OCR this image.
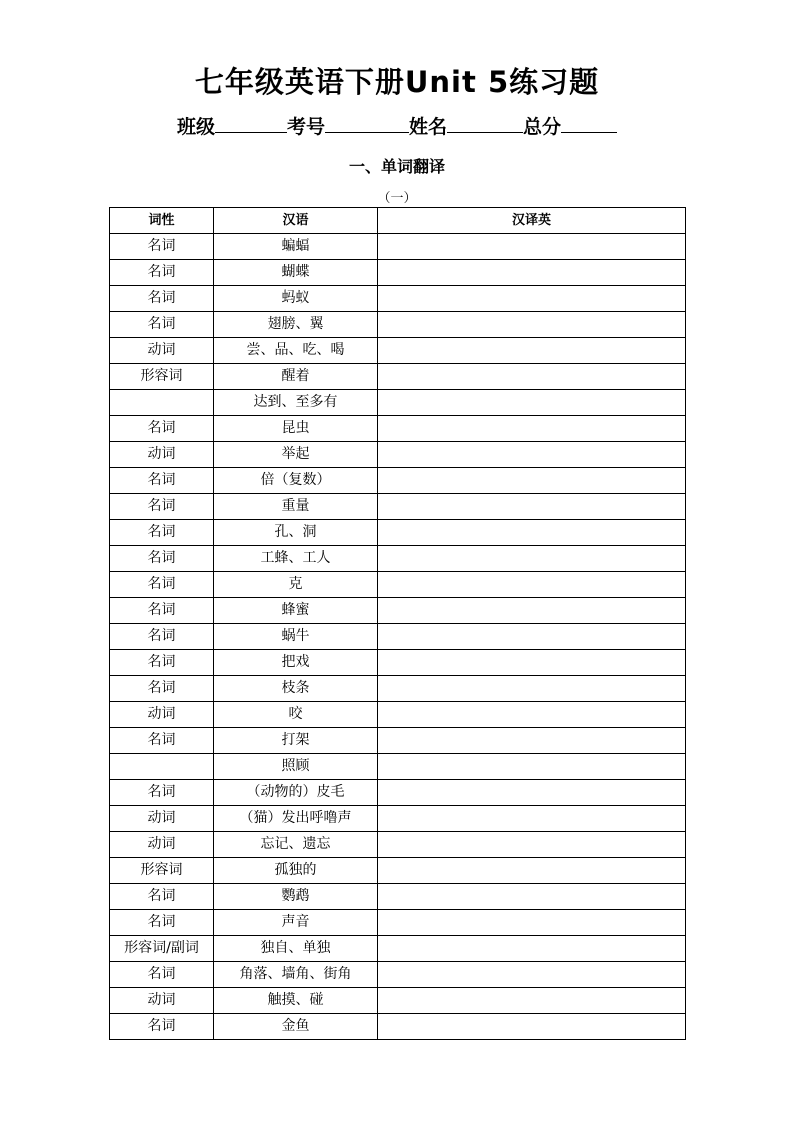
七年级英语下册Unit 5练习题
班级	考号	姓名	总分
一、单词翻译
（一）
词性	汉语	汉译英
名词	蝙蝠	
名词	蝴蝶	
名词	蚂蚁	
名词	翅膀、翼	
动词	尝、品、吃、喝	
形容词	醒着	
	达到、至多有	
名词	昆虫	
动词	举起	
名词	倍（复数）	
名词	重量	
名词	孔、洞	
名词	工蜂、工人	
名词	克	
名词	蜂蜜	
名词	蜗牛	
名词	把戏	
名词	枝条	
动词	咬	
名词	打架	
	照顾	
名词	（动物的）皮毛	
动词	（猫）发出呼噜声	
动词	忘记、遗忘	
形容词	孤独的	
名词	鹦鹉	
名词	声音	
形容词/副词	独自、单独	
名词	角落、墙角、街角	
动词	触摸、碰	
名词	金鱼	
